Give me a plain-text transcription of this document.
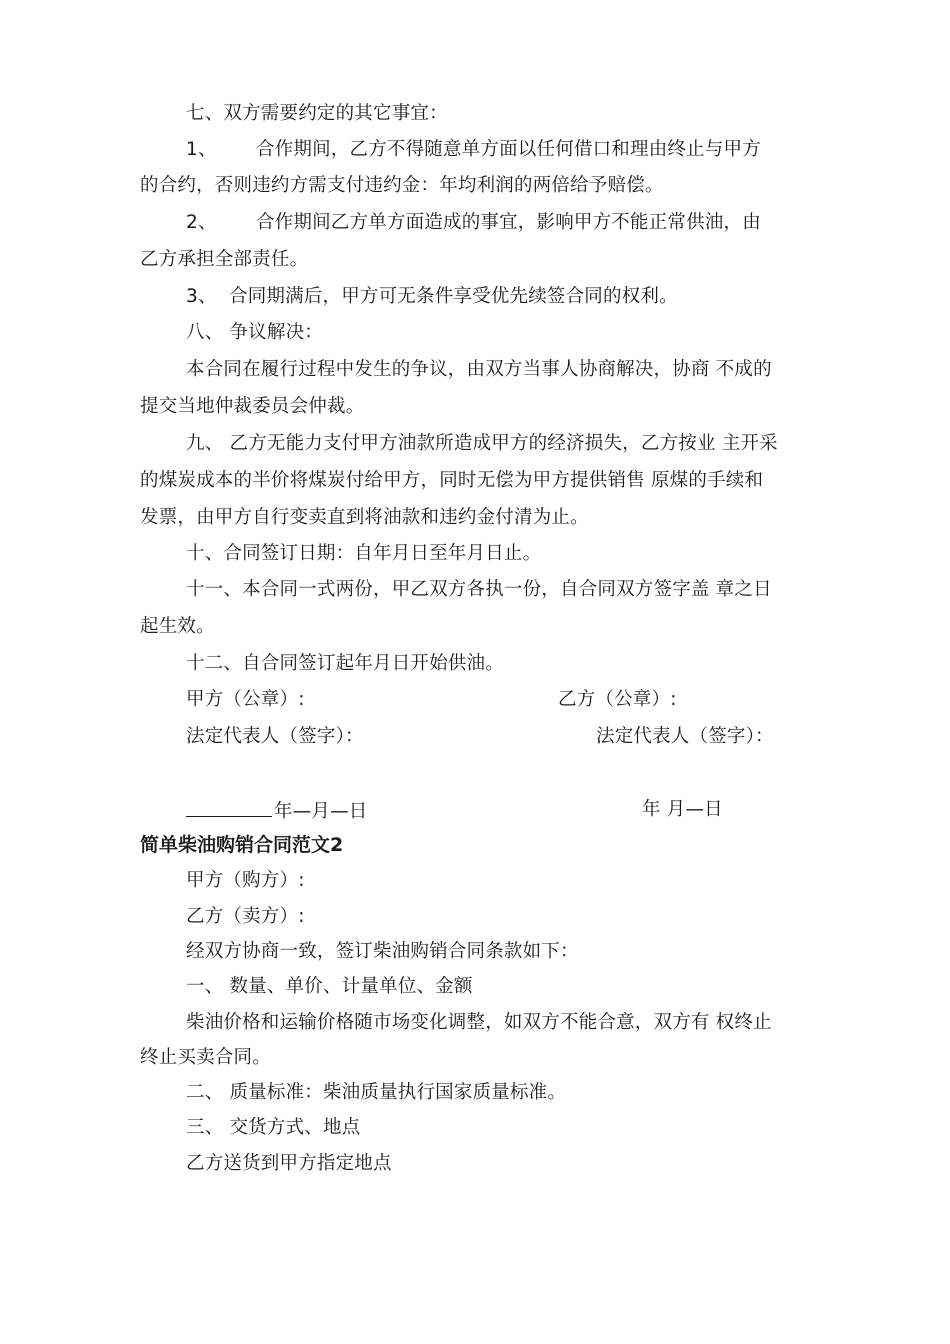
七、双方需要约定的其它事宜：
1、 合作期间，乙方不得随意单方面以任何借口和理由终止与甲方
的合约，否则违约方需支付违约金：年均利润的两倍给予赔偿。
2、 合作期间乙方单方面造成的事宜，影响甲方不能正常供油，由
乙方承担全部责任。
3、 合同期满后，甲方可无条件享受优先续签合同的权利。
八、 争议解决：
本合同在履行过程中发生的争议，由双方当事人协商解决，协商 不成的
提交当地仲裁委员会仲裁。
九、 乙方无能力支付甲方油款所造成甲方的经济损失，乙方按业 主开采
的煤炭成本的半价将煤炭付给甲方，同时无偿为甲方提供销售 原煤的手续和
发票，由甲方自行变卖直到将油款和违约金付清为止。
十、合同签订日期：自年月日至年月日止。
十一、本合同一式两份，甲乙双方各执一份，自合同双方签字盖 章之日
起生效。
十二、自合同签订起年月日开始供油。
甲方（公章）:	乙方（公章）:
法定代表人（签字）：	法定代表人（签字）：
年—月—日	年 月—日
简单柴油购销合同范文2
甲方（购方）:
乙方（卖方）:
经双方协商一致，签订柴油购销合同条款如下：
一、 数量、单价、计量单位、金额
柴油价格和运输价格随市场变化调整，如双方不能合意，双方有 权终止
终止买卖合同。
二、 质量标准：柴油质量执行国家质量标准。
三、 交货方式、地点
乙方送货到甲方指定地点
